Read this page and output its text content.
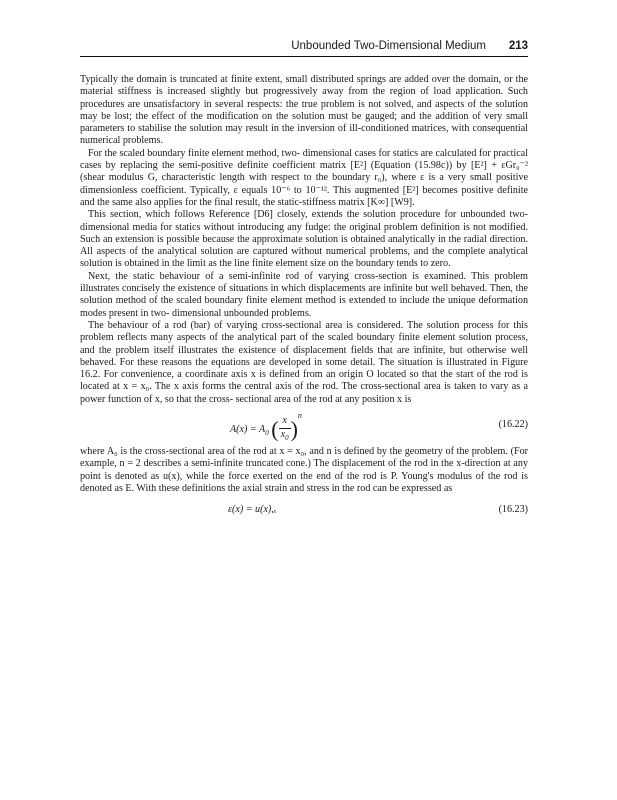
Unbounded Two-Dimensional Medium 213

Typically the domain is truncated at finite extent, small distributed springs are added over the domain, or the material stiffness is increased slightly but progressively away from the region of load application. Such procedures are unsatisfactory in several respects: the true problem is not solved, and aspects of the solution may be lost; the effect of the modification on the solution must be gauged; and the addition of very small parameters to stabilise the solution may result in the inversion of ill-conditioned matrices, with consequential numerical problems.

For the scaled boundary finite element method, two- dimensional cases for statics are calculated for practical cases by replacing the semi-positive definite coefficient matrix [E²] (Equation (15.98c)) by [E²] + εGr₀⁻² (shear modulus G, characteristic length with respect to the boundary r₀), where ε is a very small positive dimensionless coefficient. Typically, ε equals 10⁻⁶ to 10⁻¹². This augmented [E²] becomes positive definite and the same also applies for the final result, the static-stiffness matrix [K∞] [W9].

This section, which follows Reference [D6] closely, extends the solution procedure for unbounded two-dimensional media for statics without introducing any fudge: the original problem definition is not modified. Such an extension is possible because the approximate solution is obtained analytically in the radial direction. All aspects of the analytical solution are captured without numerical problems, and the complete analytical solution is obtained in the limit as the line finite element size on the boundary tends to zero.

Next, the static behaviour of a semi-infinite rod of varying cross-section is examined. This problem illustrates concisely the existence of situations in which displacements are infinite but well behaved. Then, the solution method of the scaled boundary finite element method is extended to include the unique deformation modes present in two- dimensional unbounded problems.

The behaviour of a rod (bar) of varying cross-sectional area is considered. The solution process for this problem reflects many aspects of the analytical part of the scaled boundary finite element solution process, and the problem itself illustrates the existence of displacement fields that are infinite, but otherwise well behaved. For these reasons the equations are developed in some detail. The situation is illustrated in Figure 16.2. For convenience, a coordinate axis x is defined from an origin O located so that the start of the rod is located at x = x₀. The x axis forms the central axis of the rod. The cross-sectional area is taken to vary as a power function of x, so that the cross- sectional area of the rod at any position x is

$A(x) = A_0$ ( $\frac{x}{x_0} )^n$
(16.22)

where A₀ is the cross-sectional area of the rod at x = x₀, and n is defined by the geometry of the problem. (For example, n = 2 describes a semi-infinite truncated cone.) The displacement of the rod in the x-direction at any point is denoted as u(x), while the force exerted on the end of the rod is P. Young's modulus of the rod is denoted as E. With these definitions the axial strain and stress in the rod can be expressed as

ε(x) = u(x),ₓ	(16.23)
